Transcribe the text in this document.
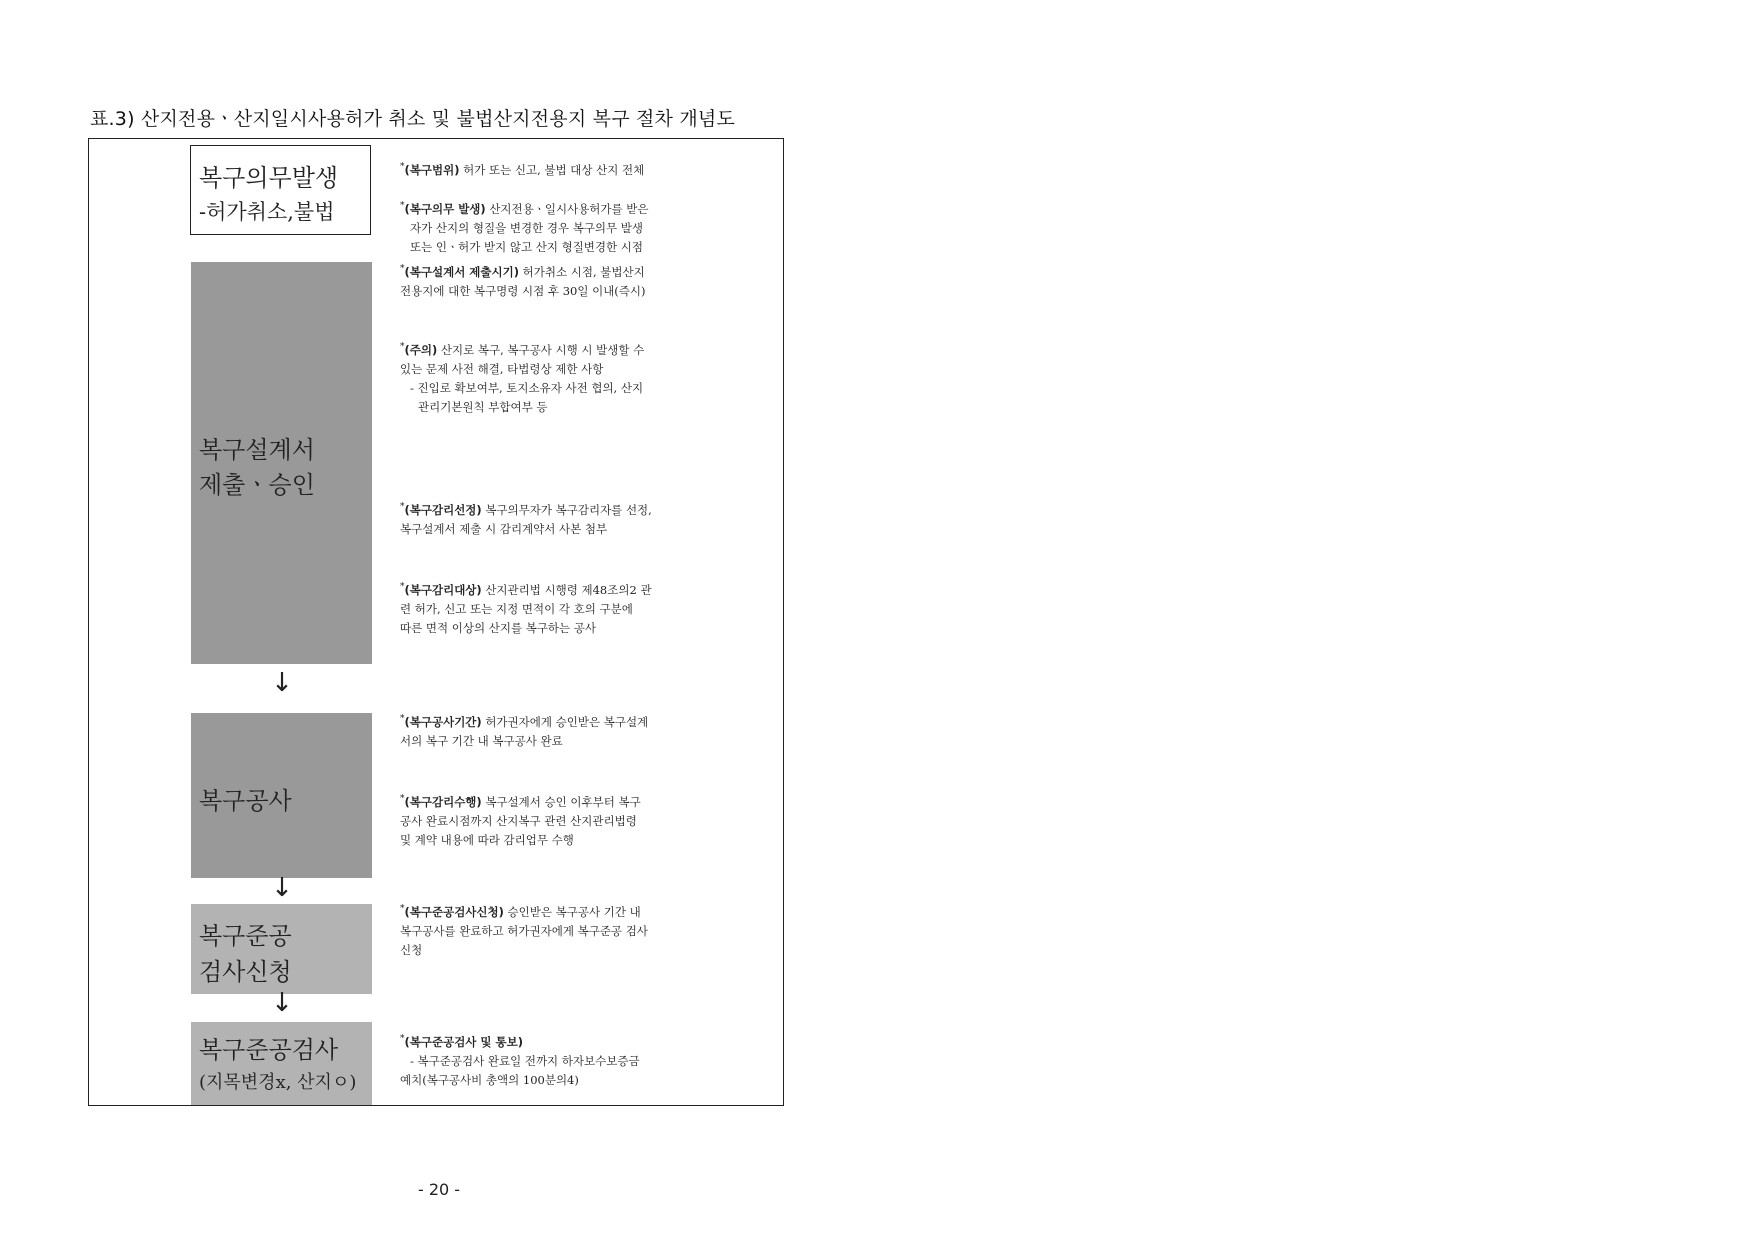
표.3) 산지전용ㆍ산지일시사용허가 취소 및 불법산지전용지 복구 절차 개념도
복구의무발생
-허가취소,불법
복구설계서
제출ㆍ승인
↓
복구공사
↓
복구준공
검사신청
↓
복구준공검사
(지목변경x, 산지ㅇ)
*(복구범위) 허가 또는 신고, 불법 대상 산지 전체
*(복구의무 발생) 산지전용ㆍ일시사용허가를 받은
자가 산지의 형질을 변경한 경우 복구의무 발생
또는 인ㆍ허가 받지 않고 산지 형질변경한 시점
*(복구설계서 제출시기) 허가취소 시점, 불법산지
전용지에 대한 복구명령 시점 후 30일 이내(즉시)
*(주의) 산지로 복구, 복구공사 시행 시 발생할 수
있는 문제 사전 해결, 타법령상 제한 사항
- 진입로 확보여부, 토지소유자 사전 협의, 산지
관리기본원칙 부합여부 등
*(복구감리선정) 복구의무자가 복구감리자를 선정,
복구설계서 제출 시 감리계약서 사본 첨부
*(복구감리대상) 산지관리법 시행령 제48조의2 관
련 허가, 신고 또는 지정 면적이 각 호의 구분에
따른 면적 이상의 산지를 복구하는 공사
*(복구공사기간) 허가권자에게 승인받은 복구설계
서의 복구 기간 내 복구공사 완료
*(복구감리수행) 복구설계서 승인 이후부터 복구
공사 완료시점까지 산지복구 관련 산지관리법령
및 계약 내용에 따라 감리업무 수행
*(복구준공검사신청) 승인받은 복구공사 기간 내
복구공사를 완료하고 허가권자에게 복구준공 검사
신청
*(복구준공검사 및 통보)
- 복구준공검사 완료일 전까지 하자보수보증금
예치(복구공사비 총액의 100분의4)
- 20 -
